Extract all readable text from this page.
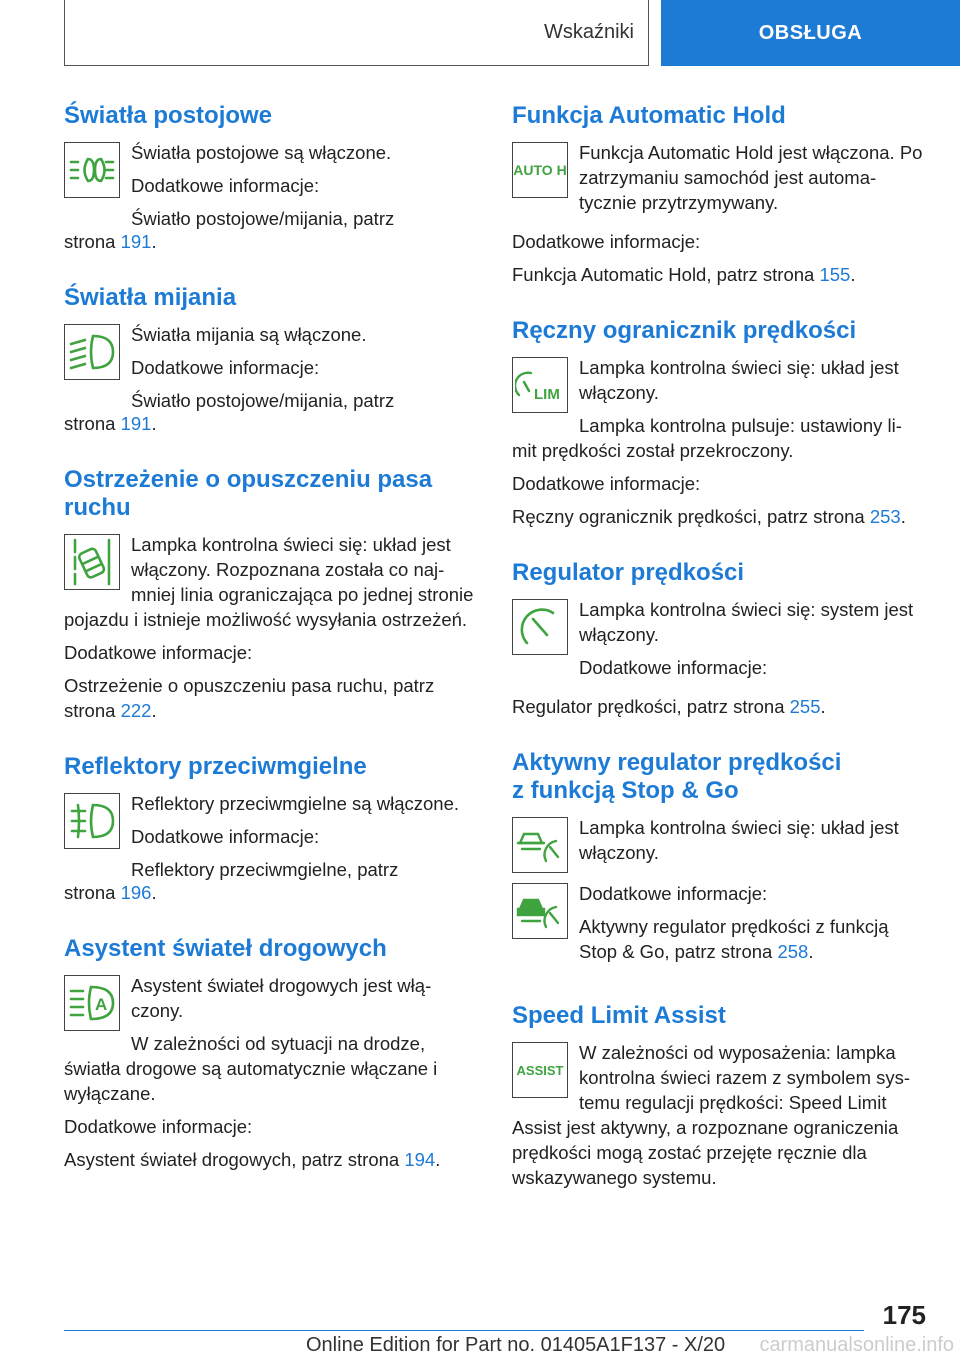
Wskaźniki	OBSŁUGA
Światła postojowe

Światła postojowe są włączone.

Dodatkowe informacje:

Światło postojowe/mijania, patrz

strona 191.

Światła mijania

Światła mijania są włączone.

Dodatkowe informacje:

Światło postojowe/mijania, patrz

strona 191.

Ostrzeżenie o opuszczeniu pasa ruchu

Lampka kontrolna świeci się: układ jest włączony. Rozpoznana została co naj-mniej linia ograniczająca po jednej stronie

pojazdu i istnieje możliwość wysyłania ostrzeżeń.

Dodatkowe informacje:

Ostrzeżenie o opuszczeniu pasa ruchu, patrz

strona 222.

Reflektory przeciwmgielne

Reflektory przeciwmgielne są włączone.

Dodatkowe informacje:

Reflektory przeciwmgielne, patrz

strona 196.

Asystent świateł drogowych
A

Asystent świateł drogowych jest włą-czony.

W zależności od sytuacji na drodze,

światła drogowe są automatycznie włączane i wyłączane.

Dodatkowe informacje:

Asystent świateł drogowych, patrz strona 194.

Funkcja Automatic Hold
AUTO H

Funkcja Automatic Hold jest włączona. Po zatrzymaniu samochód jest automa-tycznie przytrzymywany.

Dodatkowe informacje:

Funkcja Automatic Hold, patrz strona 155.

Ręczny ogranicznik prędkości
LIM

Lampka kontrolna świeci się: układ jest włączony.

Lampka kontrolna pulsuje: ustawiony li-

mit prędkości został przekroczony.

Dodatkowe informacje:

Ręczny ogranicznik prędkości, patrz strona 253.

Regulator prędkości

Lampka kontrolna świeci się: system jest włączony.

Dodatkowe informacje:

Regulator prędkości, patrz strona 255.

Aktywny regulator prędkości
z funkcją Stop & Go

Lampka kontrolna świeci się: układ jest włączony.

Dodatkowe informacje:

Aktywny regulator prędkości z funkcją Stop & Go, patrz strona 258.

Speed Limit Assist
ASSIST

W zależności od wyposażenia: lampka kontrolna świeci razem z symbolem sys-temu regulacji prędkości: Speed Limit

Assist jest aktywny, a rozpoznane ograniczenia prędkości mogą zostać przejęte ręcznie dla wskazywanego systemu.

175
Online Edition for Part no. 01405A1F137 - X/20 carmanualsonline.info
